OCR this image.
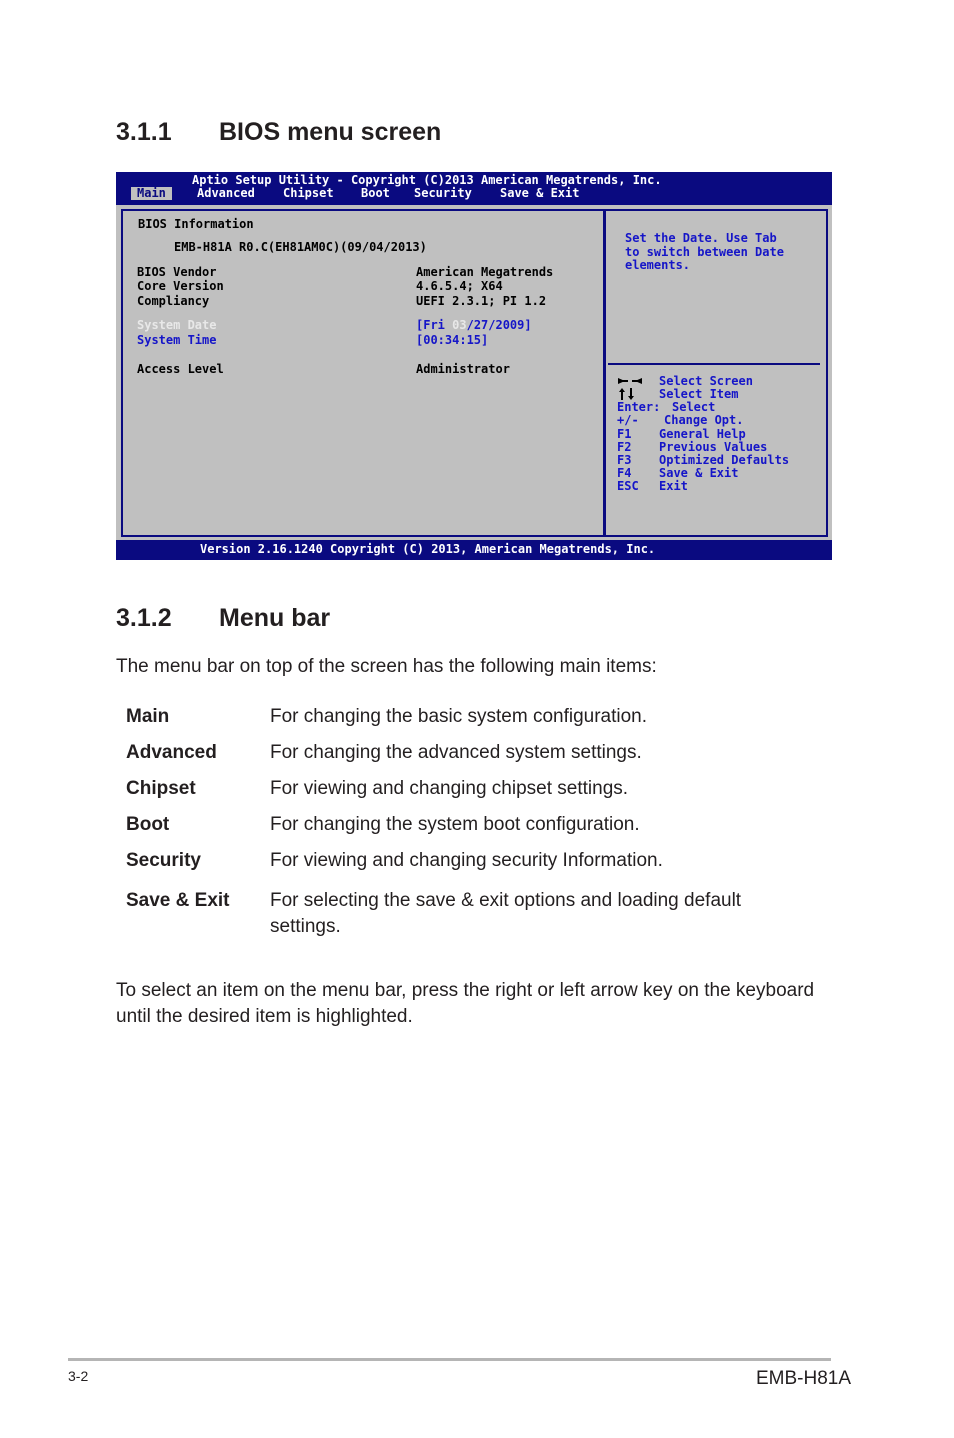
3.1.1 BIOS menu screen
Aptio Setup Utility - Copyright (C)2013 American Megatrends, Inc.
Main	Advanced Chipset Boot Security Save & Exit
BIOS Information
EMB-H81A R0.C(EH81AM0C)(09/04/2013)
BIOS Vendor	American Megatrends
Core Version	4.6.5.4; X64
Compliancy	UEFI 2.3.1; PI 1.2
System Date	[Fri 03/27/2009]
System Time	[00:34:15]
Access Level	Administrator
Set the Date. Use Tab
to switch between Date
elements.
Select Screen
Select Item
Enter: Select
+/- Change Opt.
F1 General Help
F2 Previous Values
F3 Optimized Defaults
F4 Save & Exit
ESC Exit
Version 2.16.1240 Copyright (C) 2013, American Megatrends, Inc.
3.1.2 Menu bar
The menu bar on top of the screen has the following main items:
Main	For changing the basic system configuration.
Advanced	For changing the advanced system settings.
Chipset	For viewing and changing chipset settings.
Boot	For changing the system boot configuration.
Security	For viewing and changing security Information.
Save & Exit For selecting the save & exit options and loading default
settings.
To select an item on the menu bar, press the right or left arrow key on the keyboard
until the desired item is highlighted.
3-2	EMB-H81A
